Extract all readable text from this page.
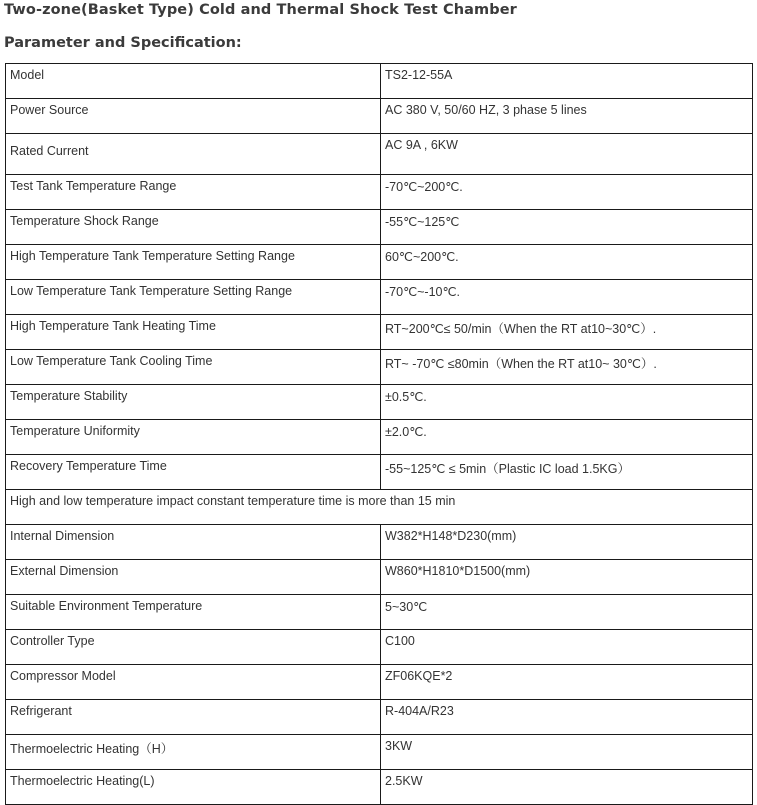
Two-zone(Basket Type) Cold and Thermal Shock Test Chamber
Parameter and Specification:
Model	TS2-12-55A
Power Source	AC 380 V, 50/60 HZ, 3 phase 5 lines
Rated Current	AC 9A , 6KW
Test Tank Temperature Range	-70℃~200℃.
Temperature Shock Range	-55℃~125℃
High Temperature Tank Temperature Setting Range	60℃~200℃.
Low Temperature Tank Temperature Setting Range	-70℃~-10℃.
High Temperature Tank Heating Time	RT~200℃≤ 50/min（When the RT at10~30℃）.
Low Temperature Tank Cooling Time	RT~ -70℃ ≤80min（When the RT at10~ 30℃）.
Temperature Stability	±0.5℃.
Temperature Uniformity	±2.0℃.
Recovery Temperature Time	-55~125℃ ≤ 5min（Plastic IC load 1.5KG）
High and low temperature impact constant temperature time is more than 15 min	
Internal Dimension	W382*H148*D230(mm)
External Dimension	W860*H1810*D1500(mm)
Suitable Environment Temperature	5~30℃
Controller Type	C100
Compressor Model	ZF06KQE*2
Refrigerant	R-404A/R23
Thermoelectric Heating（H）	3KW
Thermoelectric Heating(L)	2.5KW
